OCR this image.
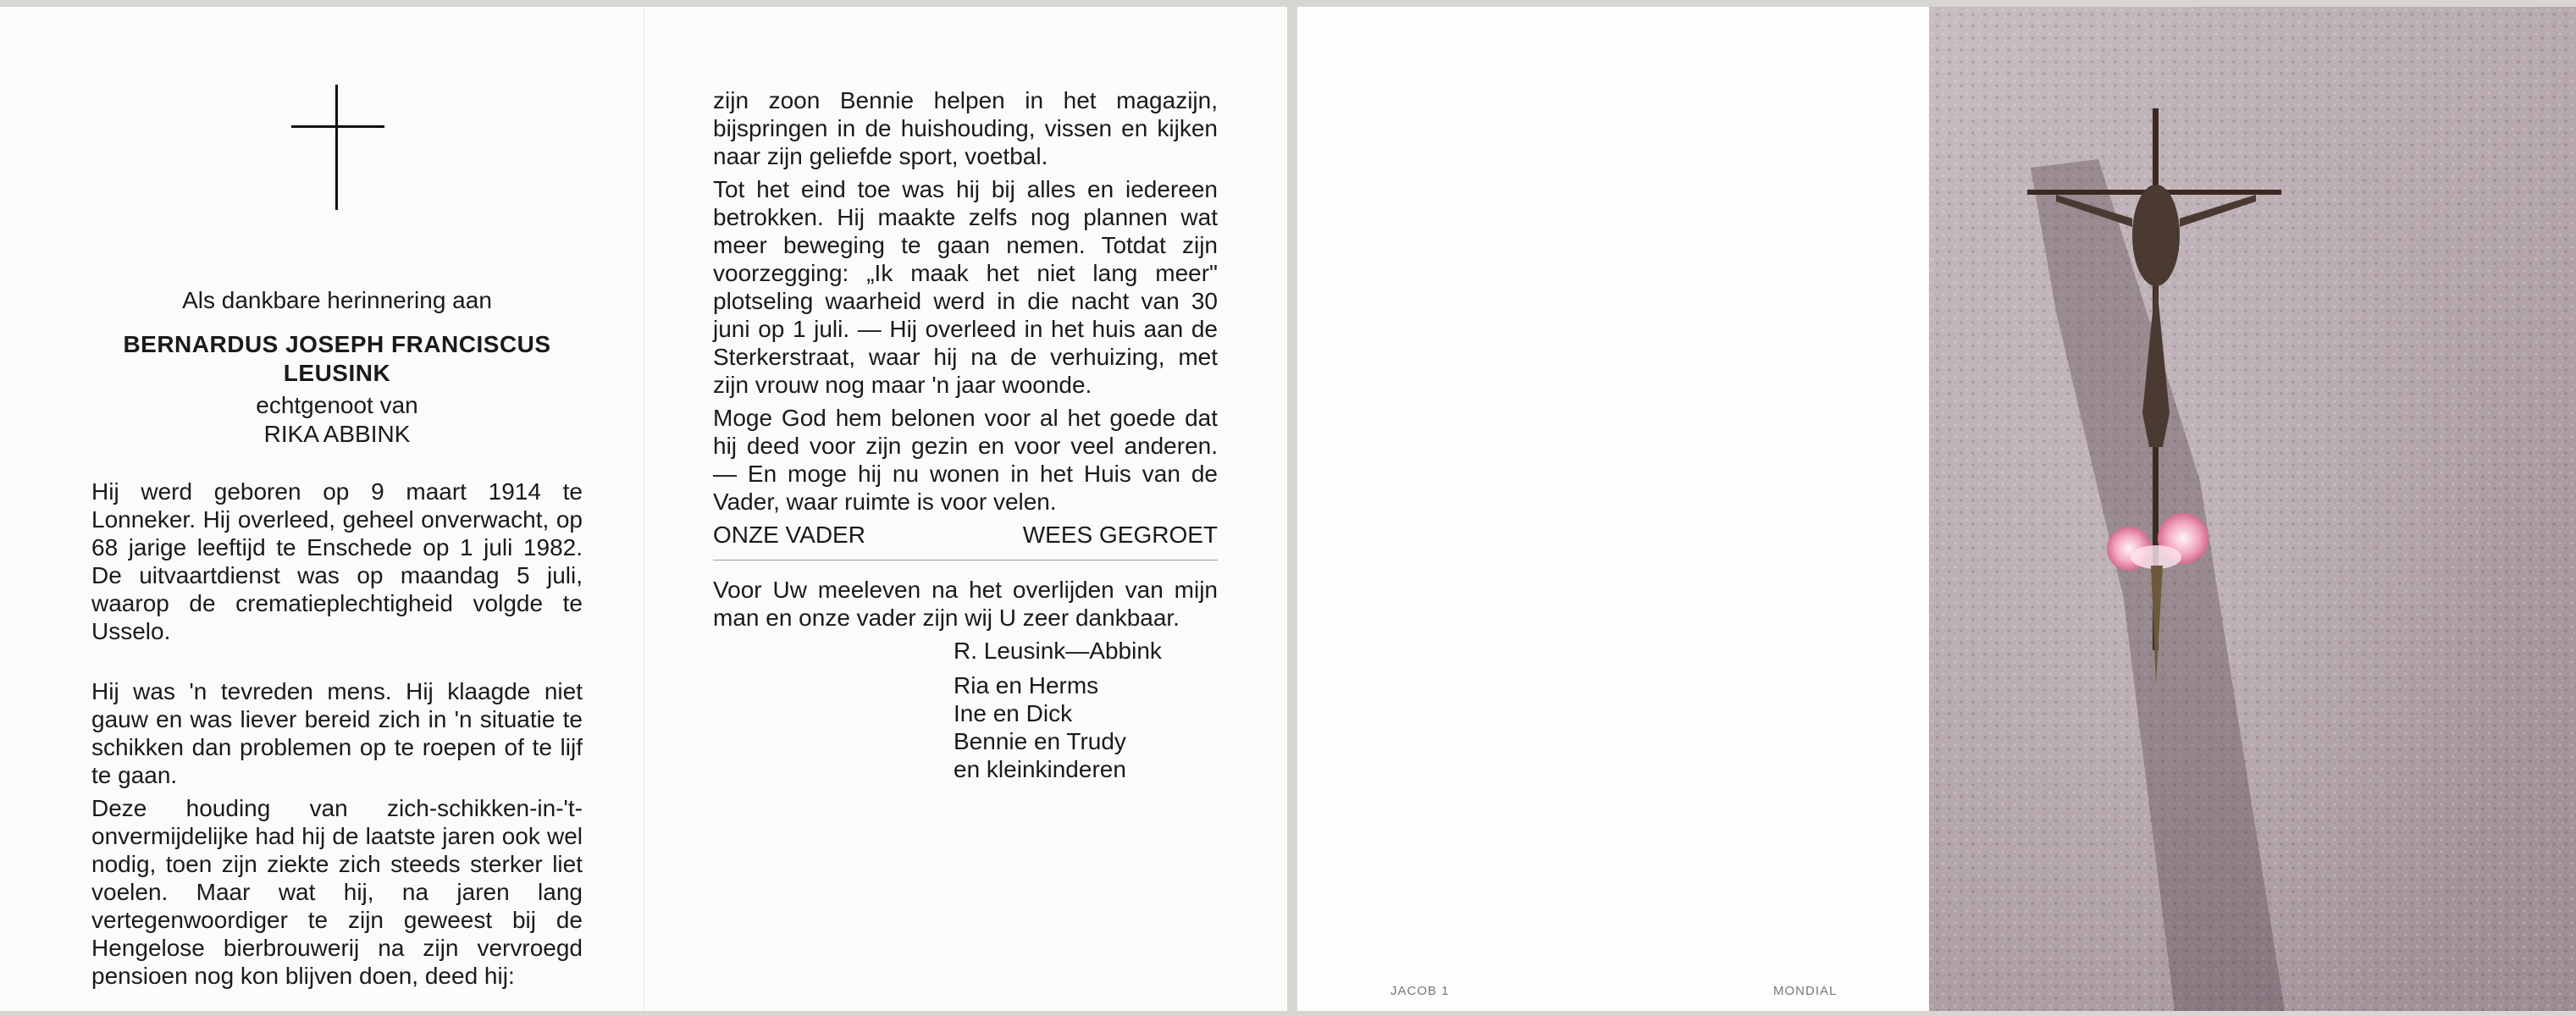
Als dankbare herinnering aan

BERNARDUS JOSEPH FRANCISCUS
LEUSINK

echtgenoot van

RIKA ABBINK

Hij werd geboren op 9 maart 1914 te Lonneker. Hij overleed, geheel onverwacht, op 68 jarige leeftijd te Enschede op 1 juli 1982. De uitvaartdienst was op maandag 5 juli, waarop de crematieplechtigheid volgde te Usselo.

Hij was 'n tevreden mens. Hij klaagde niet gauw en was liever bereid zich in 'n situatie te schikken dan problemen op te roepen of te lijf te gaan.

Deze houding van zich-schikken-in-'t-onvermijdelijke had hij de laatste jaren ook wel nodig, toen zijn ziekte zich steeds sterker liet voelen. Maar wat hij, na jaren lang vertegenwoordiger te zijn geweest bij de Hengelose bierbrouwerij na zijn vervroegd pensioen nog kon blijven doen, deed hij:

zijn zoon Bennie helpen in het magazijn, bijspringen in de huishouding, vissen en kijken naar zijn geliefde sport, voetbal.

Tot het eind toe was hij bij alles en iedereen betrokken. Hij maakte zelfs nog plannen wat meer beweging te gaan nemen. Totdat zijn voorzegging: „Ik maak het niet lang meer" plotseling waarheid werd in die nacht van 30 juni op 1 juli. — Hij overleed in het huis aan de Sterkerstraat, waar hij na de verhuizing, met zijn vrouw nog maar 'n jaar woonde.

Moge God hem belonen voor al het goede dat hij deed voor zijn gezin en voor veel anderen. — En moge hij nu wonen in het Huis van de Vader, waar ruimte is voor velen.

ONZE VADER	WEES GEGROET

Voor Uw meeleven na het overlijden van mijn man en onze vader zijn wij U zeer dankbaar.

R. Leusink—Abbink
Ria en Herms
Ine en Dick
Bennie en Trudy
en kleinkinderen
JACOB 1	MONDIAL
